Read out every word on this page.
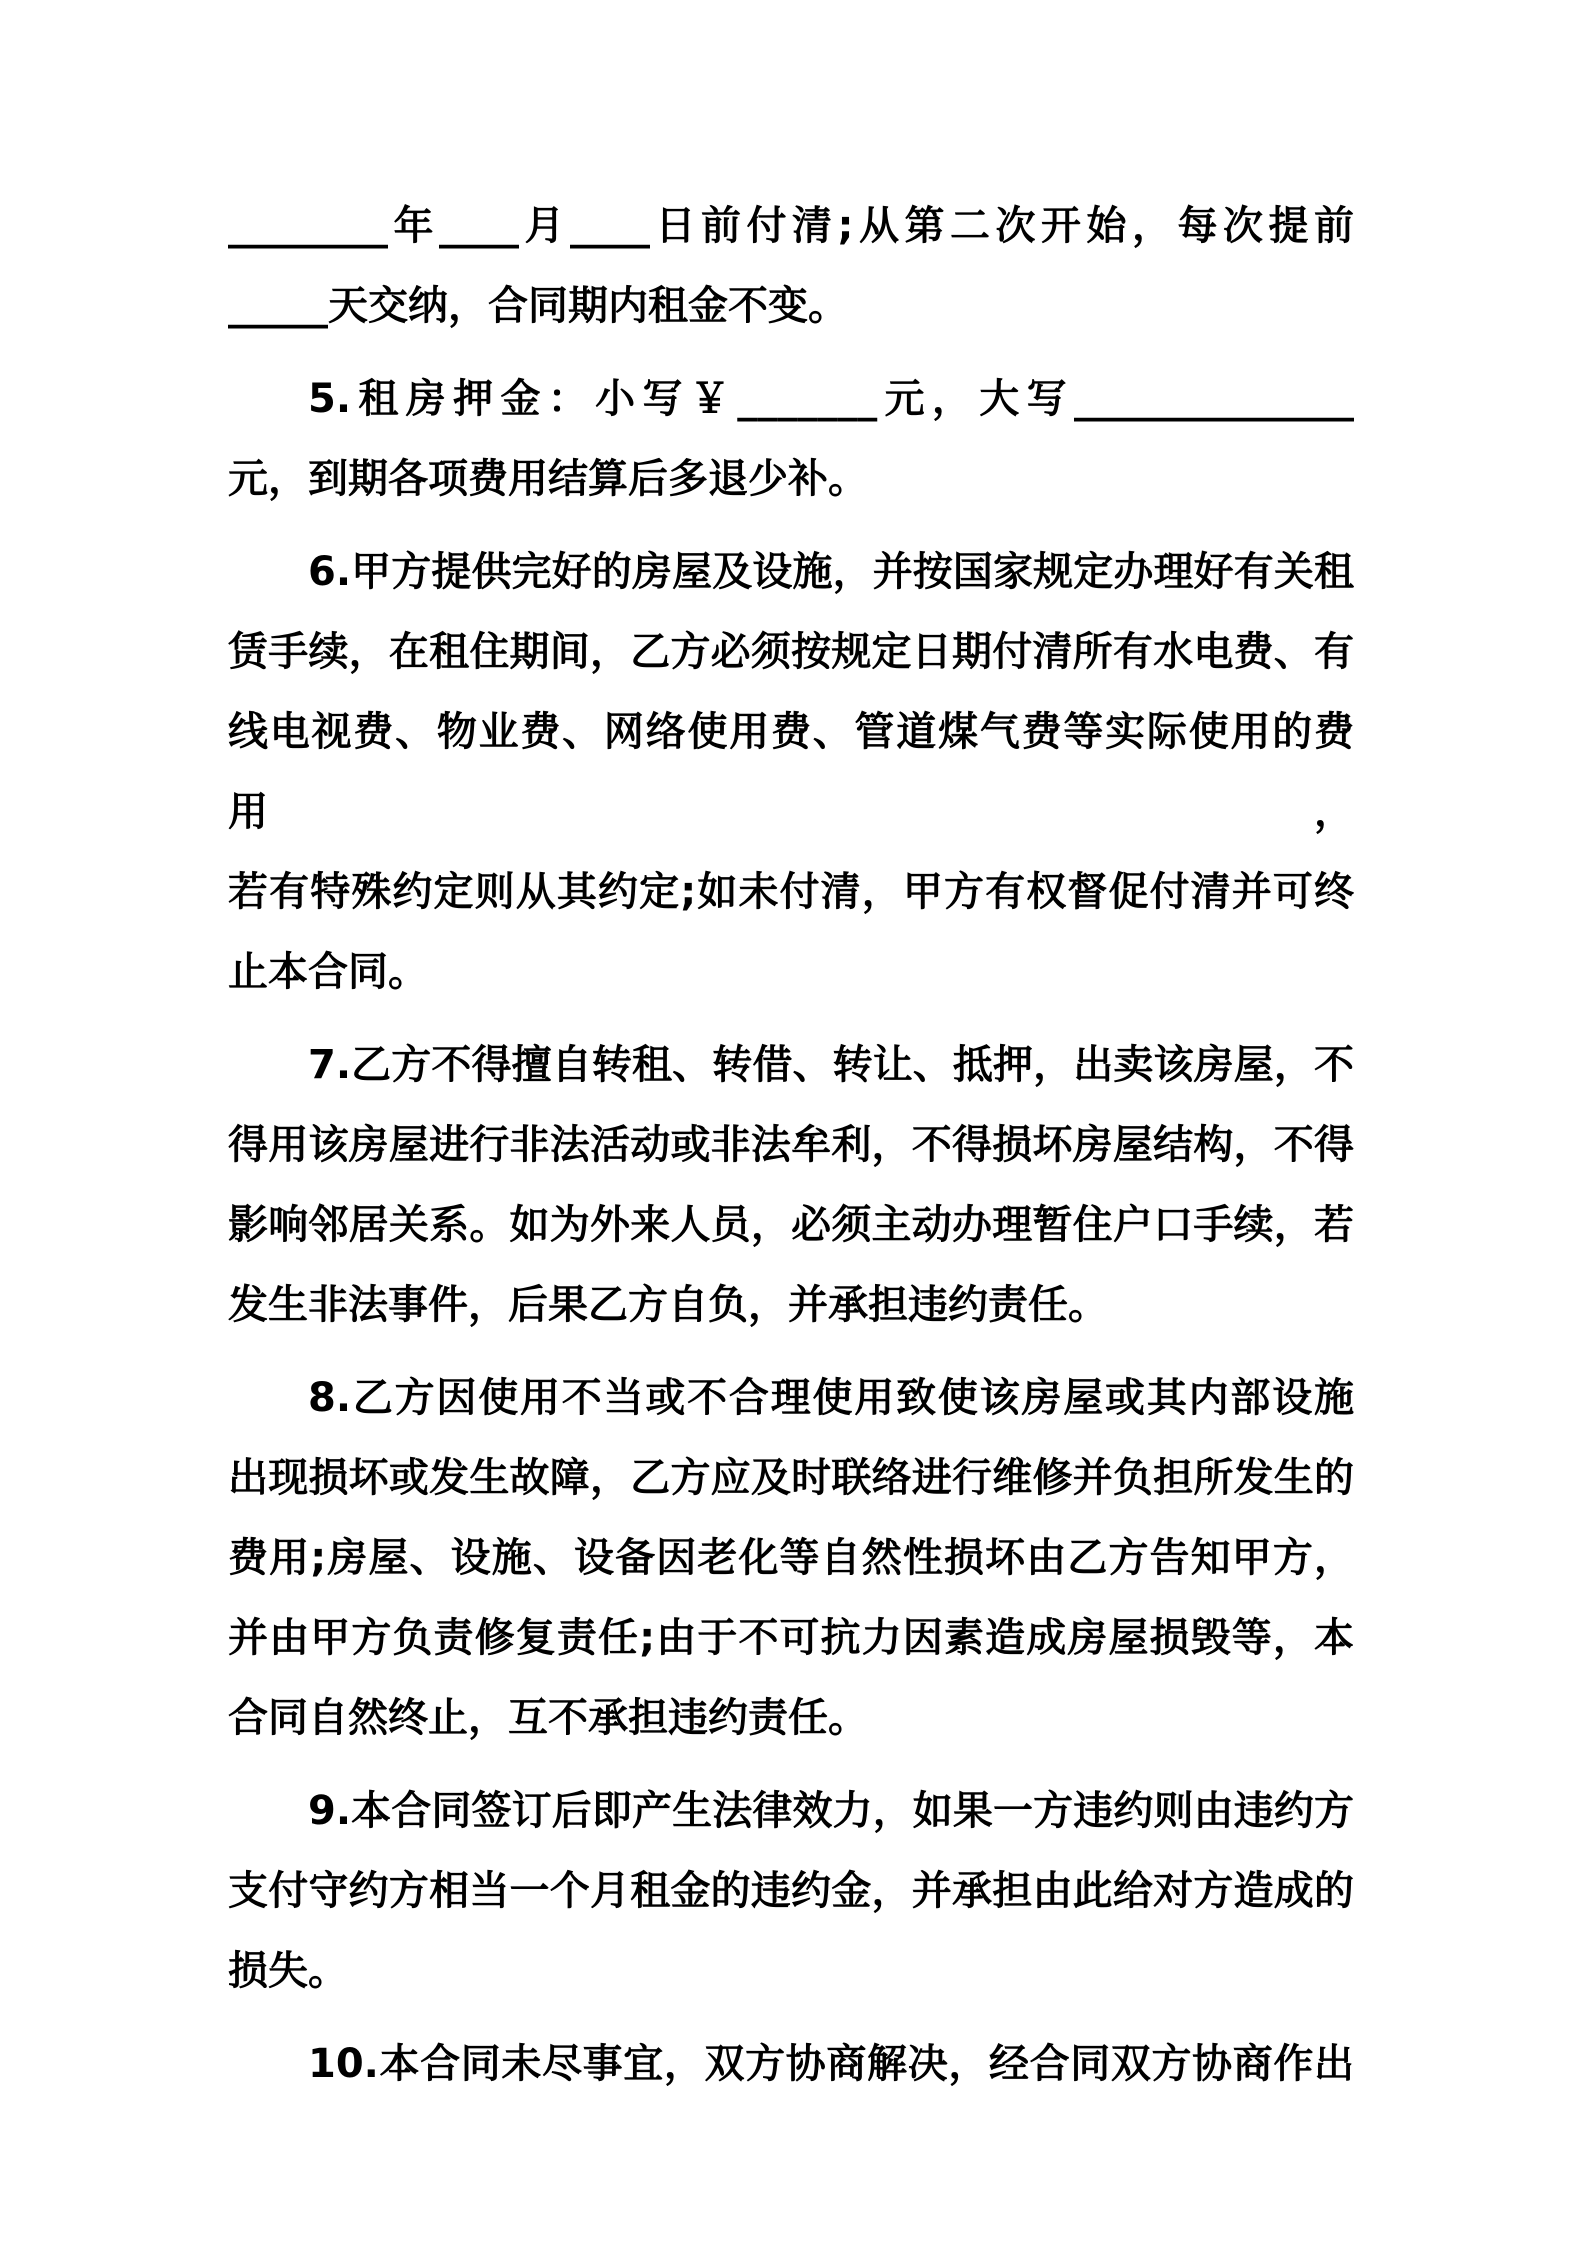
________年____月____日前付清;从第二次开始，每次提前
_____天交纳，合同期内租金不变。
5.租房押金：小写￥_______元，大写______________
元，到期各项费用结算后多退少补。
6.甲方提供完好的房屋及设施，并按国家规定办理好有关租
赁手续，在租住期间，乙方必须按规定日期付清所有水电费、有
线电视费、物业费、网络使用费、管道煤气费等实际使用的费用，
若有特殊约定则从其约定;如未付清，甲方有权督促付清并可终
止本合同。
7.乙方不得擅自转租、转借、转让、抵押，出卖该房屋，不
得用该房屋进行非法活动或非法牟利，不得损坏房屋结构，不得
影响邻居关系。如为外来人员，必须主动办理暂住户口手续，若
发生非法事件，后果乙方自负，并承担违约责任。
8.乙方因使用不当或不合理使用致使该房屋或其内部设施
出现损坏或发生故障，乙方应及时联络进行维修并负担所发生的
费用;房屋、设施、设备因老化等自然性损坏由乙方告知甲方，
并由甲方负责修复责任;由于不可抗力因素造成房屋损毁等，本
合同自然终止，互不承担违约责任。
9.本合同签订后即产生法律效力，如果一方违约则由违约方
支付守约方相当一个月租金的违约金，并承担由此给对方造成的
损失。
10.本合同未尽事宜，双方协商解决，经合同双方协商作出
